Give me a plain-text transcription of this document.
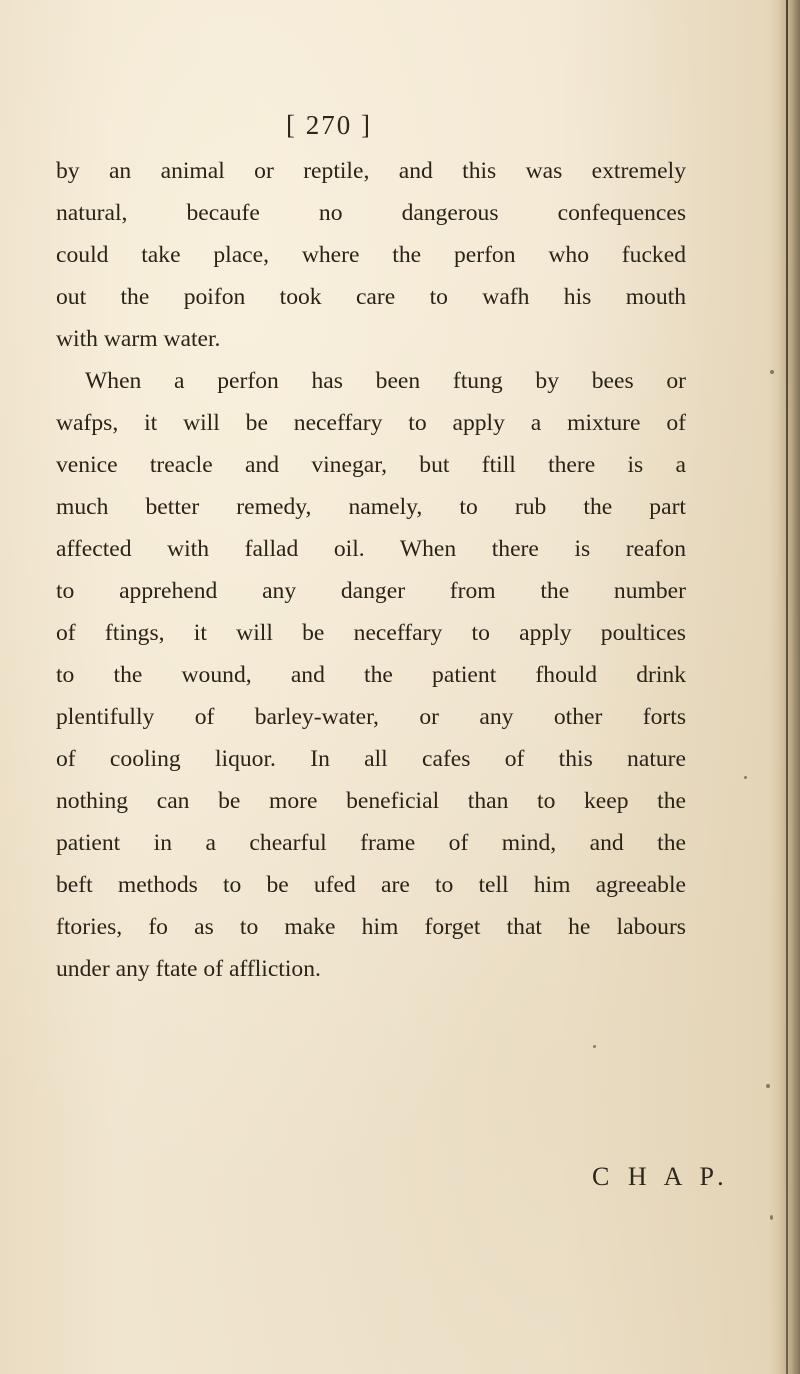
[ 270 ]
by an animal or reptile, and this was extremely
natural, becaufe no dangerous confequences
could take place, where the perfon who fucked
out the poifon took care to wafh his mouth
with warm water.
When a perfon has been ftung by bees or
wafps, it will be neceffary to apply a mixture of
venice treacle and vinegar, but ftill there is a
much better remedy, namely, to rub the part
affected with fallad oil. When there is reafon
to apprehend any danger from the number
of ftings, it will be neceffary to apply poultices
to the wound, and the patient fhould drink
plentifully of barley-water, or any other forts
of cooling liquor. In all cafes of this nature
nothing can be more beneficial than to keep the
patient in a chearful frame of mind, and the
beft methods to be ufed are to tell him agreeable
ftories, fo as to make him forget that he labours
under any ftate of affliction.
C H A P.
